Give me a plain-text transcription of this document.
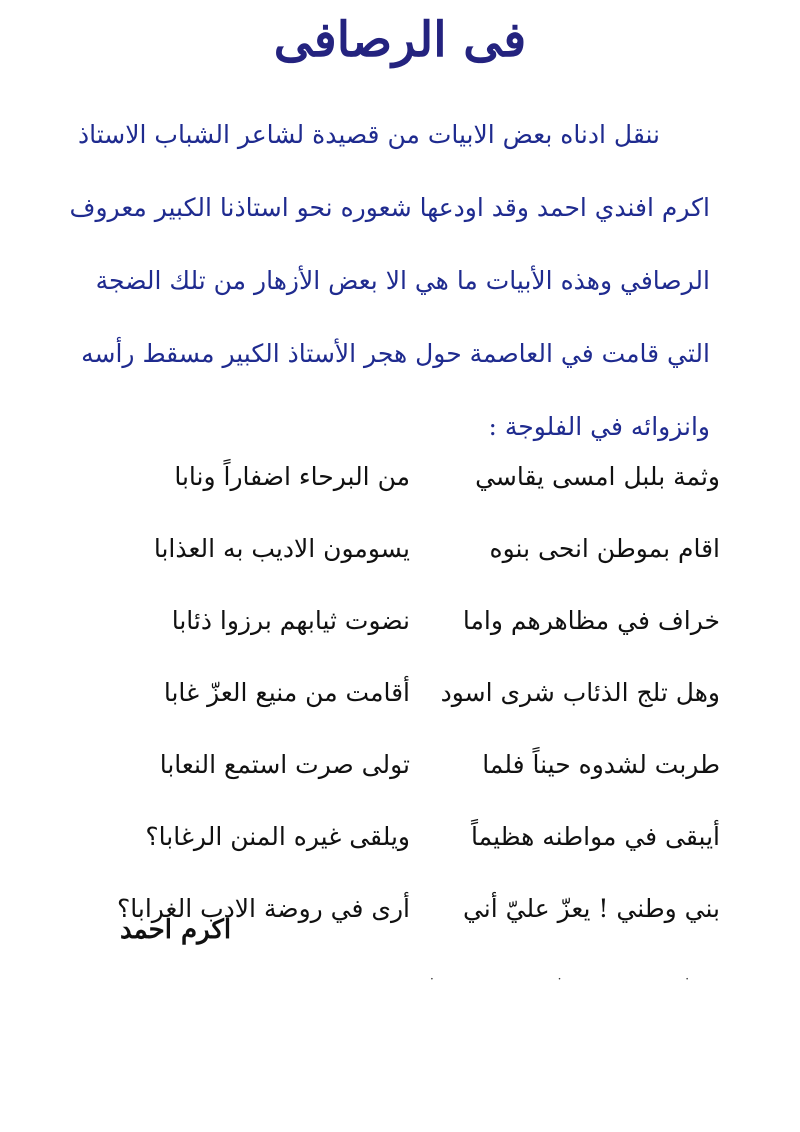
فى الرصافى
ننقل ادناه بعض الابيات من قصيدة لشاعر الشباب الاستاذ
اكرم افندي احمد وقد اودعها شعوره نحو استاذنا الكبير معروف
الرصافي وهذه الأبيات ما هي الا بعض الأزهار من تلك الضجة
التي قامت في العاصمة حول هجر الأستاذ الكبير مسقط رأسه
وانزوائه في الفلوجة :
وثمة بلبل امسى يقاسي
من البرحاء اضفاراً ونابا
اقام بموطن انحى بنوه
يسومون الاديب به العذابا
خراف في مظاهرهم واما
نضوت ثيابهم برزوا ذئابا
وهل تلج الذئاب شرى اسود
أقامت من منيع العزّ غابا
طربت لشدوه حيناً فلما
تولى صرت استمع النعابا
أيبقى في مواطنه هظيماً
ويلقى غيره المنن الرغابا؟
بني وطني ! يعزّ عليّ أني
أرى في روضة الادب الغرابا؟
اكرم احمد
· · ·
